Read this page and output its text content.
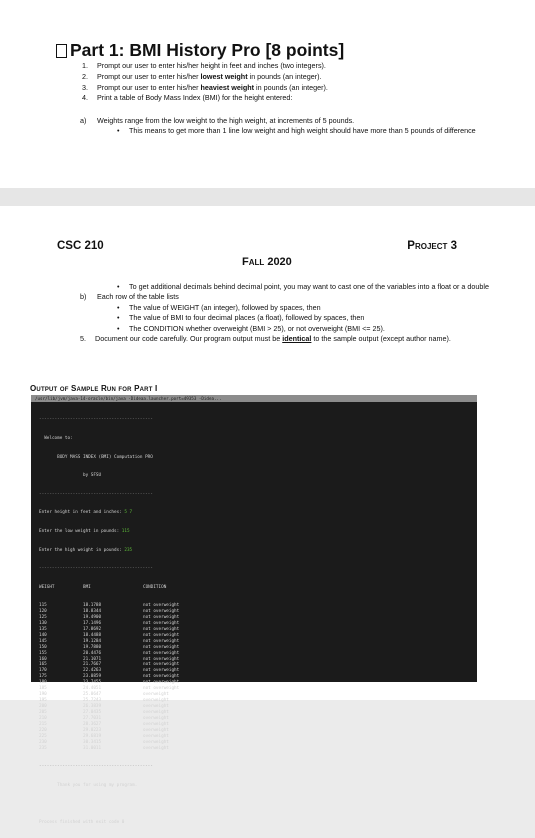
Part 1: BMI History Pro [8 points]
1.	Prompt our user to enter his/her height in feet and inches (two integers).
2.	Prompt our user to enter his/her lowest weight in pounds (an integer).
3.	Prompt our user to enter his/her heaviest weight in pounds (an integer).
4.	Print a table of Body Mass Index (BMI) for the height entered:
a)	Weights range from the low weight to the high weight, at increments of 5 pounds.
•	This means to get more than 1 line low weight and high weight should have more than 5 pounds of difference
CSC 210	Project 3
Fall 2020
•	To get additional decimals behind decimal point, you may want to cast one of the variables into a float or a double
b)	Each row of the table lists
•	The value of WEIGHT (an integer), followed by spaces, then
•	The value of BMI to four decimal places (a float), followed by spaces, then
•	The CONDITION whether overweight (BMI > 25), or not overweight (BMI <= 25).
5.	Document our code carefully. Our program output must be identical to the sample output (except author name).
Output of Sample Run for Part I
/usr/lib/jvm/java-14-oracle/bin/java -Dideaa.launcher.port=49353 -Didea...

--------------------------------------------

Welcome to:

BODY MASS INDEX (BMI) Computation PRO

by SFSU

--------------------------------------------

Enter height in feet and inches: 5 7

Enter the low weight in pounds: 115

Enter the high weight in pounds: 235

--------------------------------------------

WEIGHT	BMI	CONDITION

115	18.1788	not overweight
120	18.8344	not overweight
125	19.4900	not overweight
130	17.1496	not overweight
135	17.8692	not overweight
140	18.4488	not overweight
145	19.1284	not overweight
150	19.7880	not overweight
155	20.4476	not overweight
160	21.1071	not overweight
165	21.7667	not overweight
170	22.4263	not overweight
175	23.0859	not overweight
180	23.7455	not overweight
185	24.4051	not overweight
190	25.0647	overweight
195	25.7243	overweight
200	26.3839	overweight
205	27.0435	overweight
210	27.7031	overweight
215	28.3627	overweight
220	29.0223	overweight
225	29.6819	overweight
230	30.3415	overweight
235	31.0011	overweight

--------------------------------------------

Thank you for using my program.

Process finished with exit code 0
